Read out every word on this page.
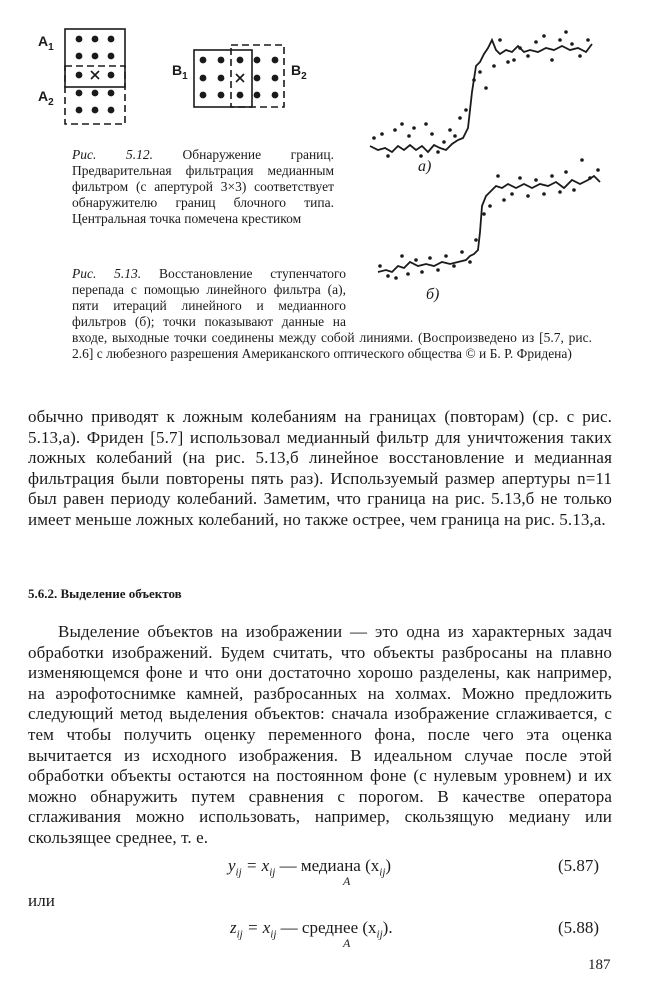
$A_1$
$A_2$
$B_1$	$B_2$
Рис. 5.12. Обнаружение границ. Предварительная фильтрация медианным фильтром (с апертурой 3×3) соответствует обнаружителю границ блочного типа. Центральная точка помечена крестиком
а)
б)
Рис. 5.13. Восстановление ступенчатого перепада с помощью линейного фильтра (а), пяти итераций линейного и медианного фильтров (б); точки показывают данные на входе, выходные точки соединены между собой линиями. (Воспроизведено из [5.7, рис. 2.6] с любезного разрешения Американского оптического общества © и Б. Р. Фридена)

обычно приводят к ложным колебаниям на границах (повторам) (ср. с рис. 5.13,а). Фриден [5.7] использовал медианный фильтр для уничтожения таких ложных колебаний (на рис. 5.13,б линейное восстановление и медианная фильтрация были повторены пять раз). Используемый размер апертуры n=11 был равен периоду колебаний. Заметим, что граница на рис. 5.13,б не только имеет меньше ложных колебаний, но также острее, чем граница на рис. 5.13,а.

5.6.2. Выделение объектов

Выделение объектов на изображении — это одна из характерных задач обработки изображений. Будем считать, что объекты разбросаны на плавно изменяющемся фоне и что они достаточно хорошо разделены, как например, на аэрофотоснимке камней, разбросанных на холмах. Можно предложить следующий метод выделения объектов: сначала изображение сглаживается, с тем чтобы получить оценку переменного фона, после чего эта оценка вычитается из исходного изображения. В идеальном случае после этой обработки объекты остаются на постоянном фоне (с нулевым уровнем) и их можно обнаружить путем сравнения с порогом. В качестве оператора сглаживания можно использовать, например, скользящую медиану или скользящее среднее, т. е.

$y_{ij} = x_{ij}$ — медиана $(x_{ij})$
A
(5.87)
или
$z_{ij} = x_{ij}$ — среднее $(x_{ij})$.
A
(5.88)
187
